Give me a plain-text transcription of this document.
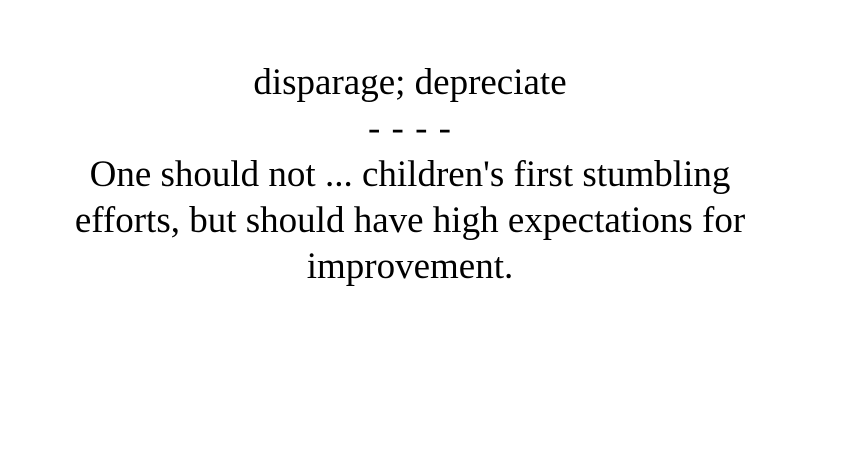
disparage; depreciate
- - - -
One should not ... children's first stumbling efforts, but should have high expectations for improvement.
